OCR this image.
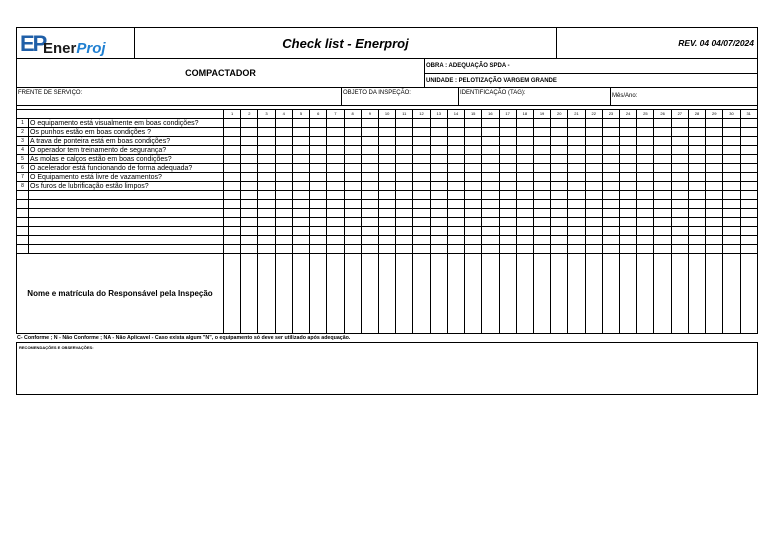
EP
EnerProj	Check list - Enerproj	REV. 04 04/07/2024
COMPACTADOR
OBRA : ADEQUAÇÃO SPDA -
UNIDADE : PELOTIZAÇÃO VARGEM GRANDE
FRENTE DE SERVIÇO:	OBJETO DA INSPEÇÃO:	IDENTIFICAÇÃO (TAG):	Mês/Ano:
1	2	3	4	5	6	7	8	9	10	11	12	13	14	15	16	17	18	19	20	21	22	23	24	25	26	27	28	29	30	31
1 O equipamento está visualmente em boas condições?
2 Os punhos estão em boas condições ?
3 A trava de ponteira está em boas condições?
4 O operador tem treinamento de segurança?
5 As molas e calços estão em boas condições?
6 O acelerador está funcionando de forma adequada?
7 O Equipamento está livre de vazamentos?
8 Os furos de lubrificação estão limpos?
Nome e matrícula do Responsável pela Inspeção
C- Conforme ; N - Não Conforme ; NA - Não Aplicavel - Caso exista algum "N", o equipamento só deve ser utilizado após adequação.
RECOMENDAÇÕES E OBSERVAÇÕES:
